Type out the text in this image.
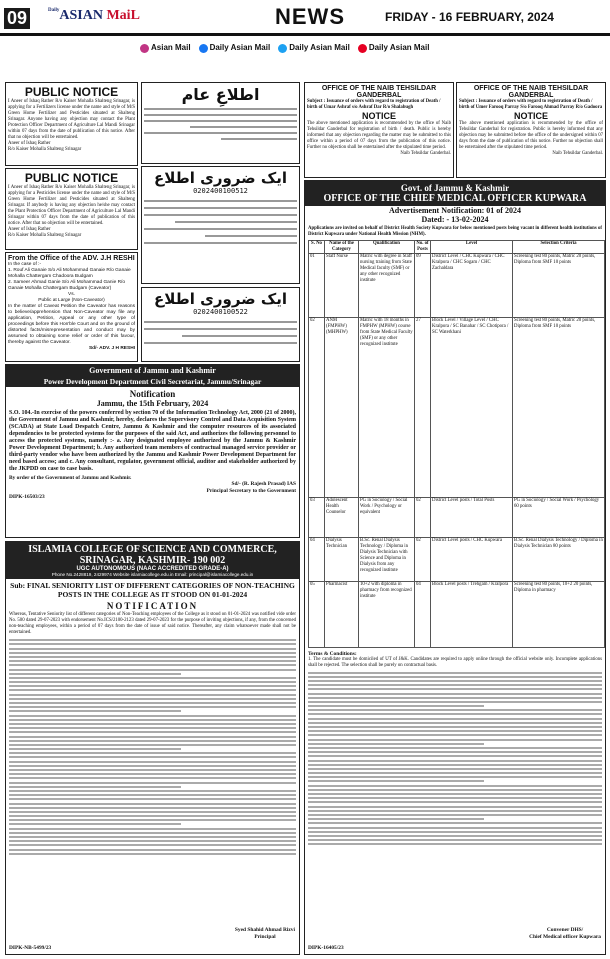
09	$^{Daily}$ASIAN MaiL	NEWS	FRIDAY - 16 FEBRUARY, 2024
Asian Mail	Daily Asian Mail	Daily Asian Mail	Daily Asian Mail
PUBLIC NOTICE
I Aneer of Ishaq Rather R/o Kaiser Mohalla Shalteng Srinagar, is applying for a Fertilizers license under the name and style of M/S Green Home Fertilizer and Pesticides situated at Shalteng Srinagar. Anyone having any objection may contact the Plant Protection Officer Department of Agriculture Lal Mandi Srinagar within 07 days from the date of publication of this notice. After that no objection will be entertained.
Aneer of Ishaq Rather
R/o Kaiser Mohalla Shalteng Srinagar
PUBLIC NOTICE
I Aneer of Ishaq Rather R/o Kaiser Mohalla Shalteng Srinagar, is applying for a Pesticides license under the name and style of M/S Green Home Fertilizer and Pesticides situated at Shalteng Srinagar. If anybody is having any objection he/she may contact the Plant Protection Officer Department of Agriculture Lal Mandi Srinagar within 07 days from the date of publication of this notice. After that no objection will be entertained.
Aneer of Ishaq Rather
R/o Kaiser Mohalla Shalteng Srinagar
From the Office of the ADV. J.H RESHI
In the case of :-
1. Rouf Ali Ganaie S/o Ali Mohammad Ganaie R/o Ganaie Mohalla Chattergam Chadoora Budgam
2. Sameer Ahmad Ganie S/o Ali Mohammad Ganie R/o Ganaie Mohalla Chattergam Budgam (Caveator)
Vs.
Public at Large (Non-Caveator)
In the matter of Caveat Petition the Caveator has reasons to believe/apprehension that Non-Caveator may file any application, Petition, Appeal or any other type of proceedings before this Hon'ble Court and on the ground of distorted facts/misrepresentation and conduct may by assumed to obtaining some relief or order of this favour, thereby against the Caveator.
Sd/- ADV. J H RESHI
اطلاعِ عام
ایک ضروری اطلاع
0202400100512
ایک ضروری اطلاع
0202400100522
OFFICE OF THE NAIB TEHSILDAR GANDERBAL
Subject : Issuance of orders with regard to registration of Death / birth of Umar Ashraf s/o Ashraf Dar R/o Shalabugh
NOTICE
The above mentioned application is recommended by the office of Naib Tehsildar Ganderbal for registration of birth / death. Public is hereby informed that any objection regarding the matter may be submitted to this office within a period of 07 days from the publication of this notice. Further no objection shall be entertained after the stipulated time period.
Naib Tehsildar Ganderbal.
OFFICE OF THE NAIB TEHSILDAR GANDERBAL
Subject : Issuance of orders with regard to registration of Death / birth of Umer Farooq Parray S/o Farooq Ahmad Parray R/o Gadoora
NOTICE
The above mentioned application is recommended by the office of Tehsildar Ganderbal for registration. Public is hereby informed that any objection may be submitted before the office of the undersigned within 07 days from the date of publication of this notice. Further no objection shall be entertained after the stipulated time period.
Naib Tehsildar Ganderbal.
Government of Jammu and Kashmir
Power Development Department Civil Secretariat, Jammu/Srinagar
Notification
Jammu, the 15th February, 2024
S.O. 104.-In exercise of the powers conferred by section 70 of the Information Technology Act, 2000 (21 of 2000), the Government of Jammu and Kashmir, hereby, declares the Supervisory Control and Data Acquisition System (SCADA) at State Load Despatch Centre, Jammu & Kashmir and the computer resources of its associated dependencies to be protected systems for the purposes of the said Act, and authorizes the following personnel to access the protected systems, namely :- a. Any designated employee authorized by the Jammu & Kashmir Power Development Department; b. Any authorized team members of contractual managed service provider or third-party vendor who have been authorized by the Jammu and Kashmir Power Development Department for need based access; and c. Any consultant, regulator, government official, auditor and stakeholder authorized by the JKPDD on case to case basis.
By order of the Government of Jammu and Kashmir.
Sd/- (R. Rajesh Prasad) IAS
Principal Secretary to the Government
DIPK-16503/23
ISLAMIA COLLEGE OF SCIENCE AND COMMERCE,
SRINAGAR, KASHMIR- 190 002
UGC AUTONOMOUS (NAAC ACCREDITED GRADE-A)
Phone No.2428819, 2429974 Website islamiacollege.edu.in Email: principal@islamiacollege.edu.in
Sub: FINAL SENIORITY LIST OF DIFFERENT CATEGORIES OF NON-TEACHING POSTS IN THE COLLEGE AS IT STOOD ON 01-01-2024
NOTIFICATION
Whereas, Tentative Seniority list of different categories of Non-Teaching employees of the College as it stood on 01-01-2024 was notified vide order No. 500 dated 29-07-2023 with endorsement No.ICS/2100-2123 dated 29-07-2023 for the purpose of inviting objections, if any, from the concerned non-teaching employees, within a period of 07 days from the date of issue of said notice. Thereafter, any claim whatsoever made shall not be entertained.
Syed Shahid Ahmad Rizvi
Principal
DIPK-NB-5499/23
Govt. of Jammu & Kashmir
OFFICE OF THE CHIEF MEDICAL OFFICER KUPWARA
Advertisement Notification: 01 of 2024
Dated: - 13-02-2024
Applications are invited on behalf of District Health Society Kupwara for below mentioned posts being vacant in different health institutions of District Kupwara under National Health Mission (NHM).
S. No	Name of the Category	Qualification	No. of Posts	Level	Selection Criteria
01	Staff Nurse	Matric with degree in Staff nursing training from State Medical faculty (SMF) or any other recognized institute	09	District Level / CHC Kupwara / CHC Kralpora / CHC Sogam / CHC Zachaldara	Screening test 80 points, Matric 20 points, Diploma from SMF 10 points
02	ANM (FMPHW) (MHPHW)	Matric with 18 months in FMPHW (MPHW) course from State Medical Faculty (SMF) or any other recognized institute	27	Block Level / Village Level / CHC Kralpora / SC Banahar / SC Chotipora / SC Waterkhani	Screening test 80 points, Matric 20 points, Diploma from SMF 10 points
03	Adolescent Health Counselor	PG in Sociology / Social Work / Psychology or equivalent	02	District Level posts / Total Posts	PG in Sociology / Social Work / Psychology 60 points
04	Dialysis Technician	B.Sc. Renal Dialysis Technology / Diploma in Dialysis Technician with Science and Diploma in Dialysis from any recognized institute	02	District Level posts / CHC Kupwara	B.Sc. Renal Dialysis Technology / Diploma in Dialysis Technician 80 points
05	Pharmacist	10+2 with diploma in pharmacy from recognized institute	04	Block Level posts / Trehgam / Kralpora	Screening test 80 points, 10+2 20 points, Diploma in pharmacy
Terms & Conditions:
1. The candidate must be domiciled of UT of J&K. Candidates are required to apply online through the official website only. Incomplete applications shall be rejected. The selection shall be purely on contractual basis.
Convener DHS/
Chief Medical officer Kupwara
DIPK-16405/23
